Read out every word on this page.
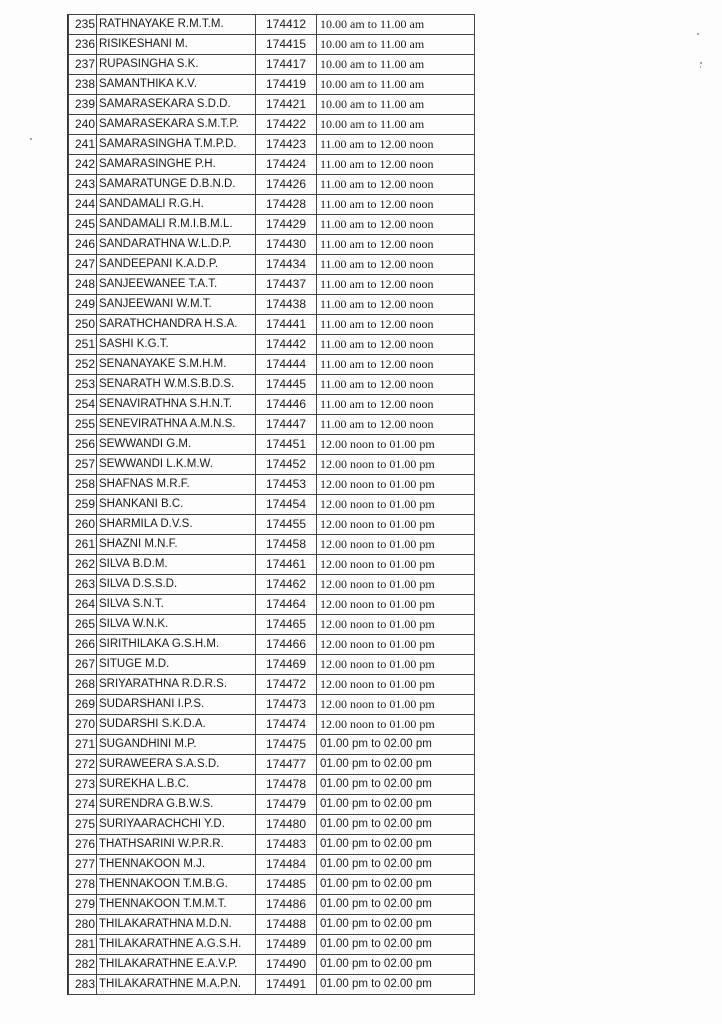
235	RATHNAYAKE R.M.T.M.	174412	10.00 am to 11.00 am
236	RISIKESHANI M.	174415	10.00 am to 11.00 am
237	RUPASINGHA S.K.	174417	10.00 am to 11.00 am
238	SAMANTHIKA K.V.	174419	10.00 am to 11.00 am
239	SAMARASEKARA S.D.D.	174421	10.00 am to 11.00 am
240	SAMARASEKARA S.M.T.P.	174422	10.00 am to 11.00 am
241	SAMARASINGHA T.M.P.D.	174423	11.00 am to 12.00 noon
242	SAMARASINGHE P.H.	174424	11.00 am to 12.00 noon
243	SAMARATUNGE D.B.N.D.	174426	11.00 am to 12.00 noon
244	SANDAMALI R.G.H.	174428	11.00 am to 12.00 noon
245	SANDAMALI R.M.I.B.M.L.	174429	11.00 am to 12.00 noon
246	SANDARATHNA W.L.D.P.	174430	11.00 am to 12.00 noon
247	SANDEEPANI K.A.D.P.	174434	11.00 am to 12.00 noon
248	SANJEEWANEE T.A.T.	174437	11.00 am to 12.00 noon
249	SANJEEWANI W.M.T.	174438	11.00 am to 12.00 noon
250	SARATHCHANDRA H.S.A.	174441	11.00 am to 12.00 noon
251	SASHI K.G.T.	174442	11.00 am to 12.00 noon
252	SENANAYAKE S.M.H.M.	174444	11.00 am to 12.00 noon
253	SENARATH W.M.S.B.D.S.	174445	11.00 am to 12.00 noon
254	SENAVIRATHNA S.H.N.T.	174446	11.00 am to 12.00 noon
255	SENEVIRATHNA A.M.N.S.	174447	11.00 am to 12.00 noon
256	SEWWANDI G.M.	174451	12.00 noon to 01.00 pm
257	SEWWANDI L.K.M.W.	174452	12.00 noon to 01.00 pm
258	SHAFNAS M.R.F.	174453	12.00 noon to 01.00 pm
259	SHANKANI B.C.	174454	12.00 noon to 01.00 pm
260	SHARMILA D.V.S.	174455	12.00 noon to 01.00 pm
261	SHAZNI M.N.F.	174458	12.00 noon to 01.00 pm
262	SILVA B.D.M.	174461	12.00 noon to 01.00 pm
263	SILVA D.S.S.D.	174462	12.00 noon to 01.00 pm
264	SILVA S.N.T.	174464	12.00 noon to 01.00 pm
265	SILVA W.N.K.	174465	12.00 noon to 01.00 pm
266	SIRITHILAKA G.S.H.M.	174466	12.00 noon to 01.00 pm
267	SITUGE M.D.	174469	12.00 noon to 01.00 pm
268	SRIYARATHNA R.D.R.S.	174472	12.00 noon to 01.00 pm
269	SUDARSHANI I.P.S.	174473	12.00 noon to 01.00 pm
270	SUDARSHI S.K.D.A.	174474	12.00 noon to 01.00 pm
271	SUGANDHINI M.P.	174475	01.00 pm to 02.00 pm
272	SURAWEERA S.A.S.D.	174477	01.00 pm to 02.00 pm
273	SUREKHA L.B.C.	174478	01.00 pm to 02.00 pm
274	SURENDRA G.B.W.S.	174479	01.00 pm to 02.00 pm
275	SURIYAARACHCHI Y.D.	174480	01.00 pm to 02.00 pm
276	THATHSARINI W.P.R.R.	174483	01.00 pm to 02.00 pm
277	THENNAKOON M.J.	174484	01.00 pm to 02.00 pm
278	THENNAKOON T.M.B.G.	174485	01.00 pm to 02.00 pm
279	THENNAKOON T.M.M.T.	174486	01.00 pm to 02.00 pm
280	THILAKARATHNA M.D.N.	174488	01.00 pm to 02.00 pm
281	THILAKARATHNE A.G.S.H.	174489	01.00 pm to 02.00 pm
282	THILAKARATHNE E.A.V.P.	174490	01.00 pm to 02.00 pm
283	THILAKARATHNE M.A.P.N.	174491	01.00 pm to 02.00 pm
